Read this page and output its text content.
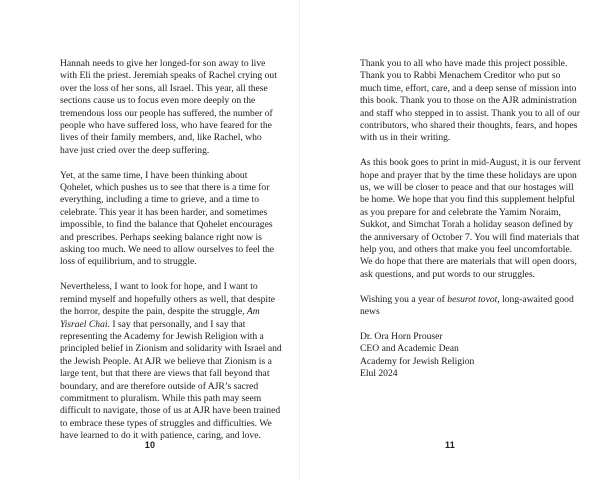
Hannah needs to give her longed-for son away to live with Eli the priest. Jeremiah speaks of Rachel crying out over the loss of her sons, all Israel. This year, all these sections cause us to focus even more deeply on the tremendous loss our people has suffered, the number of people who have suffered loss, who have feared for the lives of their family members, and, like Rachel, who have just cried over the deep suffering.

Yet, at the same time, I have been thinking about Qohelet, which pushes us to see that there is a time for everything, including a time to grieve, and a time to celebrate. This year it has been harder, and sometimes impossible, to find the balance that Qohelet encourages and prescribes. Perhaps seeking balance right now is asking too much. We need to allow ourselves to feel the loss of equilibrium, and to struggle.

Nevertheless, I want to look for hope, and I want to remind myself and hopefully others as well, that despite the horror, despite the pain, despite the struggle, Am Yisrael Chai. I say that personally, and I say that representing the Academy for Jewish Religion with a principled belief in Zionism and solidarity with Israel and the Jewish People. At AJR we believe that Zionism is a large tent, but that there are views that fall beyond that boundary, and are therefore outside of AJR’s sacred commitment to pluralism. While this path may seem difficult to navigate, those of us at AJR have been trained to embrace these types of struggles and difficulties. We have learned to do it with patience, caring, and love.

10

Thank you to all who have made this project possible. Thank you to Rabbi Menachem Creditor who put so much time, effort, care, and a deep sense of mission into this book. Thank you to those on the AJR administration and staff who stepped in to assist. Thank you to all of our contributors, who shared their thoughts, fears, and hopes with us in their writing.

As this book goes to print in mid-August, it is our fervent hope and prayer that by the time these holidays are upon us, we will be closer to peace and that our hostages will be home. We hope that you find this supplement helpful as you prepare for and celebrate the Yamim Noraim, Sukkot, and Simchat Torah a holiday season defined by the anniversary of October 7. You will find materials that help you, and others that make you feel uncomfortable. We do hope that there are materials that will open doors, ask questions, and put words to our struggles.

Wishing you a year of besurot tovot, long-awaited good news

Dr. Ora Horn Prouser
CEO and Academic Dean
Academy for Jewish Religion
Elul 2024

11
